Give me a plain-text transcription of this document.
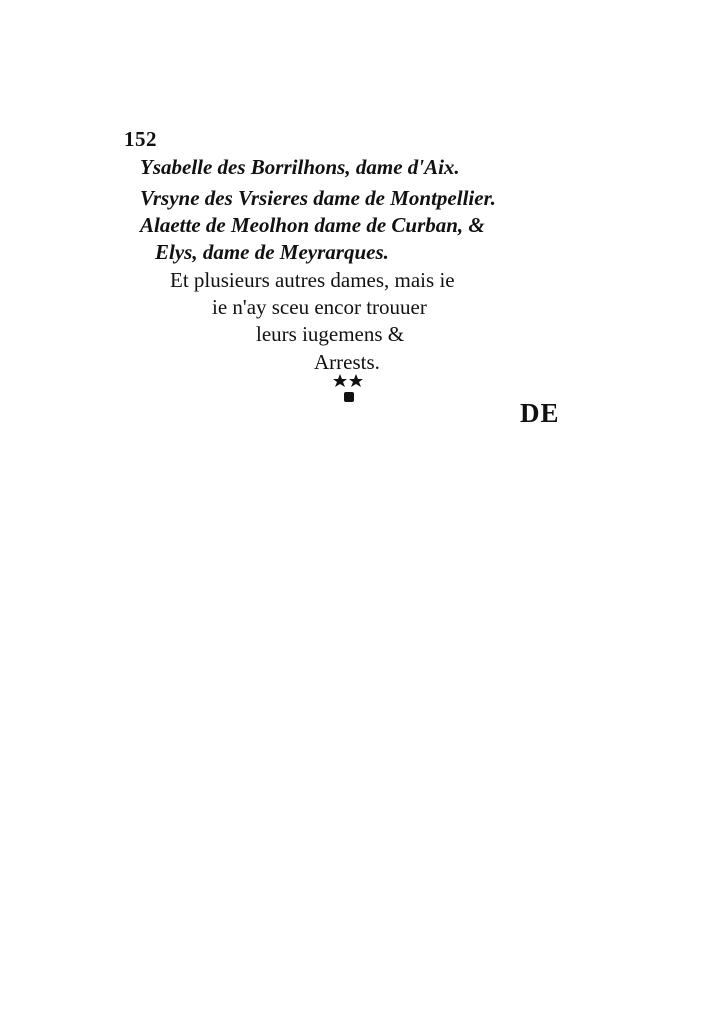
152
Ysabelle des Borrilhons, dame d'Aix.
Vrsyne des Vrsieres dame de Montpellier.
Alaette de Meolhon dame de Curban, &
Elys, dame de Meyrarques.
Et plusieurs autres dames, mais ie
ie n'ay sceu encor trouuer
leurs iugemens &
Arrests.
DE
